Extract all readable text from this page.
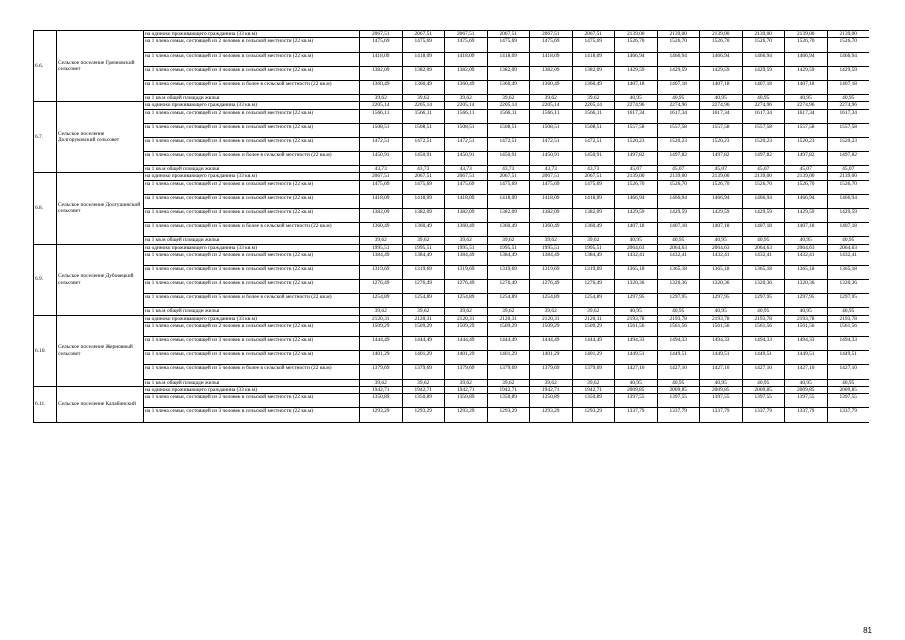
6.6.	Сельское поселение Грязновский сельсовет	на одиноко проживающего гражданина (33 кв.м)	2067,51	2067,51	2067,51	2067,51	2067,51	2067,51	2139,00	2139,00	2139,00	2139,00	2139,00	2139,00
		на 1 члена семьи, состоящей из 2 человек в сельской местности (22 кв.м)	1475,69	1475,69	1475,69	1475,69	1475,69	1475,69	1526,70	1526,70	1526,70	1526,70	1526,70	1526,70
		на 1 члена семьи, состоящей из 3 человек в сельской местности (22 кв.м)	1418,09	1418,09	1418,09	1418,09	1418,09	1418,09	1466,94	1466,94	1466,94	1466,94	1466,94	1466,94
		на 1 члена семьи, состоящей из 4 человек в сельской местности (22 кв.м)	1382,09	1382,09	1382,09	1382,09	1382,09	1382,09	1429,59	1429,59	1429,59	1429,59	1429,59	1429,59
		на 1 члена семьи, состоящей из 5 человек и более в сельской местности (22 кв.м)	1360,49	1360,49	1360,49	1360,49	1360,49	1360,49	1407,18	1407,18	1407,18	1407,18	1407,18	1407,18
		на 1 кв.м общей площади жилья	39,62	39,62	39,62	39,62	39,62	39,62	40,95	40,95	40,95	40,95	40,95	40,95
6.7.	Сельское поселение Долгоруковский сельсовет	на одиноко проживающего гражданина (33 кв.м)	2205,14	2205,14	2205,14	2205,14	2205,14	2205,14	2274,96	2274,96	2274,96	2274,96	2274,96	2274,96
		на 1 члена семьи, состоящей из 2 человек в сельской местности (22 кв.м)	1566,11	1566,11	1566,11	1566,11	1566,11	1566,11	1617,34	1617,34	1617,34	1617,34	1617,34	1617,34
		на 1 члена семьи, состоящей из 3 человек в сельской местности (22 кв.м)	1508,51	1508,51	1508,51	1508,51	1508,51	1508,51	1557,58	1557,58	1557,58	1557,58	1557,58	1557,58
		на 1 члена семьи, состоящей из 4 человек в сельской местности (22 кв.м)	1472,51	1472,51	1472,51	1472,51	1472,51	1472,51	1520,23	1520,23	1520,23	1520,23	1520,23	1520,23
		на 1 члена семьи, состоящей из 5 человек и более в сельской местности (22 кв.м)	1450,91	1450,91	1450,91	1450,91	1450,91	1450,91	1497,82	1497,82	1497,82	1497,82	1497,82	1497,82
		на 1 кв.м общей площади жилья	43,73	43,73	43,73	43,73	43,73	43,73	45,07	45,07	45,07	45,07	45,07	45,07
6.8.	Сельское поселение Долгушинский сельсовет	на одиноко проживающего гражданина (33 кв.м)	2067,51	2067,51	2067,51	2067,51	2067,51	2067,51	2139,00	2139,00	2139,00	2139,00	2139,00	2139,00
		на 1 члена семьи, состоящей из 2 человек в сельской местности (22 кв.м)	1475,69	1475,69	1475,69	1475,69	1475,69	1475,69	1526,70	1526,70	1526,70	1526,70	1526,70	1526,70
		на 1 члена семьи, состоящей из 3 человек в сельской местности (22 кв.м)	1418,09	1418,09	1418,09	1418,09	1418,09	1418,09	1466,94	1466,94	1466,94	1466,94	1466,94	1466,94
		на 1 члена семьи, состоящей из 4 человек в сельской местности (22 кв.м)	1382,09	1382,09	1382,09	1382,09	1382,09	1382,09	1429,59	1429,59	1429,59	1429,59	1429,59	1429,59
		на 1 члена семьи, состоящей из 5 человек и более в сельской местности (22 кв.м)	1360,49	1360,49	1360,49	1360,49	1360,49	1360,49	1407,18	1407,18	1407,18	1407,18	1407,18	1407,18
		на 1 кв.м общей площади жилья	39,62	39,62	39,62	39,62	39,62	39,62	40,95	40,95	40,95	40,95	40,95	40,95
6.9.	Сельское поселение Дубовецкий сельсовет	на одиноко проживающего гражданина (33 кв.м)	1995,51	1995,51	1995,51	1995,51	1995,51	1995,51	2064,63	2064,63	2064,63	2064,63	2064,63	2064,63
		на 1 члена семьи, состоящей из 2 человек в сельской местности (22 кв.м)	1384,49	1384,49	1384,49	1384,49	1384,49	1384,49	1432,41	1432,41	1432,41	1432,41	1432,41	1432,41
		на 1 члена семьи, состоящей из 3 человек в сельской местности (22 кв.м)	1319,69	1319,69	1319,69	1319,69	1319,69	1319,69	1365,18	1365,18	1365,18	1365,18	1365,18	1365,18
		на 1 члена семьи, состоящей из 4 человек в сельской местности (22 кв.м)	1276,49	1276,49	1276,49	1276,49	1276,49	1276,49	1320,36	1320,36	1320,36	1320,36	1320,36	1320,36
		на 1 члена семьи, состоящей из 5 человек и более в сельской местности (22 кв.м)	1254,89	1254,89	1254,89	1254,89	1254,89	1254,89	1297,95	1297,95	1297,95	1297,95	1297,95	1297,95
		на 1 кв.м общей площади жилья	39,62	39,62	39,62	39,62	39,62	39,62	40,95	40,95	40,95	40,95	40,95	40,95
6.10.	Сельское поселение Жерновный сельсовет	на одиноко проживающего гражданина (33 кв.м)	2120,31	2120,31	2120,31	2120,31	2120,31	2120,31	2193,78	2193,78	2193,78	2193,78	2193,78	2193,78
		на 1 члена семьи, состоящей из 2 человек в сельской местности (22 кв.м)	1509,29	1509,29	1509,29	1509,29	1509,29	1509,29	1561,56	1561,56	1561,56	1561,56	1561,56	1561,56
		на 1 члена семьи, состоящей из 3 человек в сельской местности (22 кв.м)	1444,49	1444,49	1444,49	1444,49	1444,49	1444,49	1494,33	1494,33	1494,33	1494,33	1494,33	1494,33
		на 1 члена семьи, состоящей из 4 человек в сельской местности (22 кв.м)	1401,29	1401,29	1401,29	1401,29	1401,29	1401,29	1449,51	1449,51	1449,51	1449,51	1449,51	1449,51
		на 1 члена семьи, состоящей из 5 человек и более в сельской местности (22 кв.м)	1379,69	1379,69	1379,69	1379,69	1379,69	1379,69	1427,10	1427,10	1427,10	1427,10	1427,10	1427,10
		на 1 кв.м общей площади жилья	39,62	39,62	39,62	39,62	39,62	39,62	40,95	40,95	40,95	40,95	40,95	40,95
6.11.	Сельское поселение Калабинский	на одиноко проживающего гражданина (33 кв.м)	1942,71	1942,71	1942,71	1942,71	1942,71	1942,71	2009,85	2009,85	2009,85	2009,85	2009,85	2009,85
		на 1 члена семьи, состоящей из 2 человек в сельской местности (22 кв.м)	1350,89	1350,89	1350,89	1350,89	1350,89	1350,89	1397,55	1397,55	1397,55	1397,55	1397,55	1397,55
		на 1 члена семьи, состоящей из 3 человек в сельской местности (22 кв.м)	1293,29	1293,29	1293,29	1293,29	1293,29	1293,29	1337,79	1337,79	1337,79	1337,79	1337,79	1337,79
81
